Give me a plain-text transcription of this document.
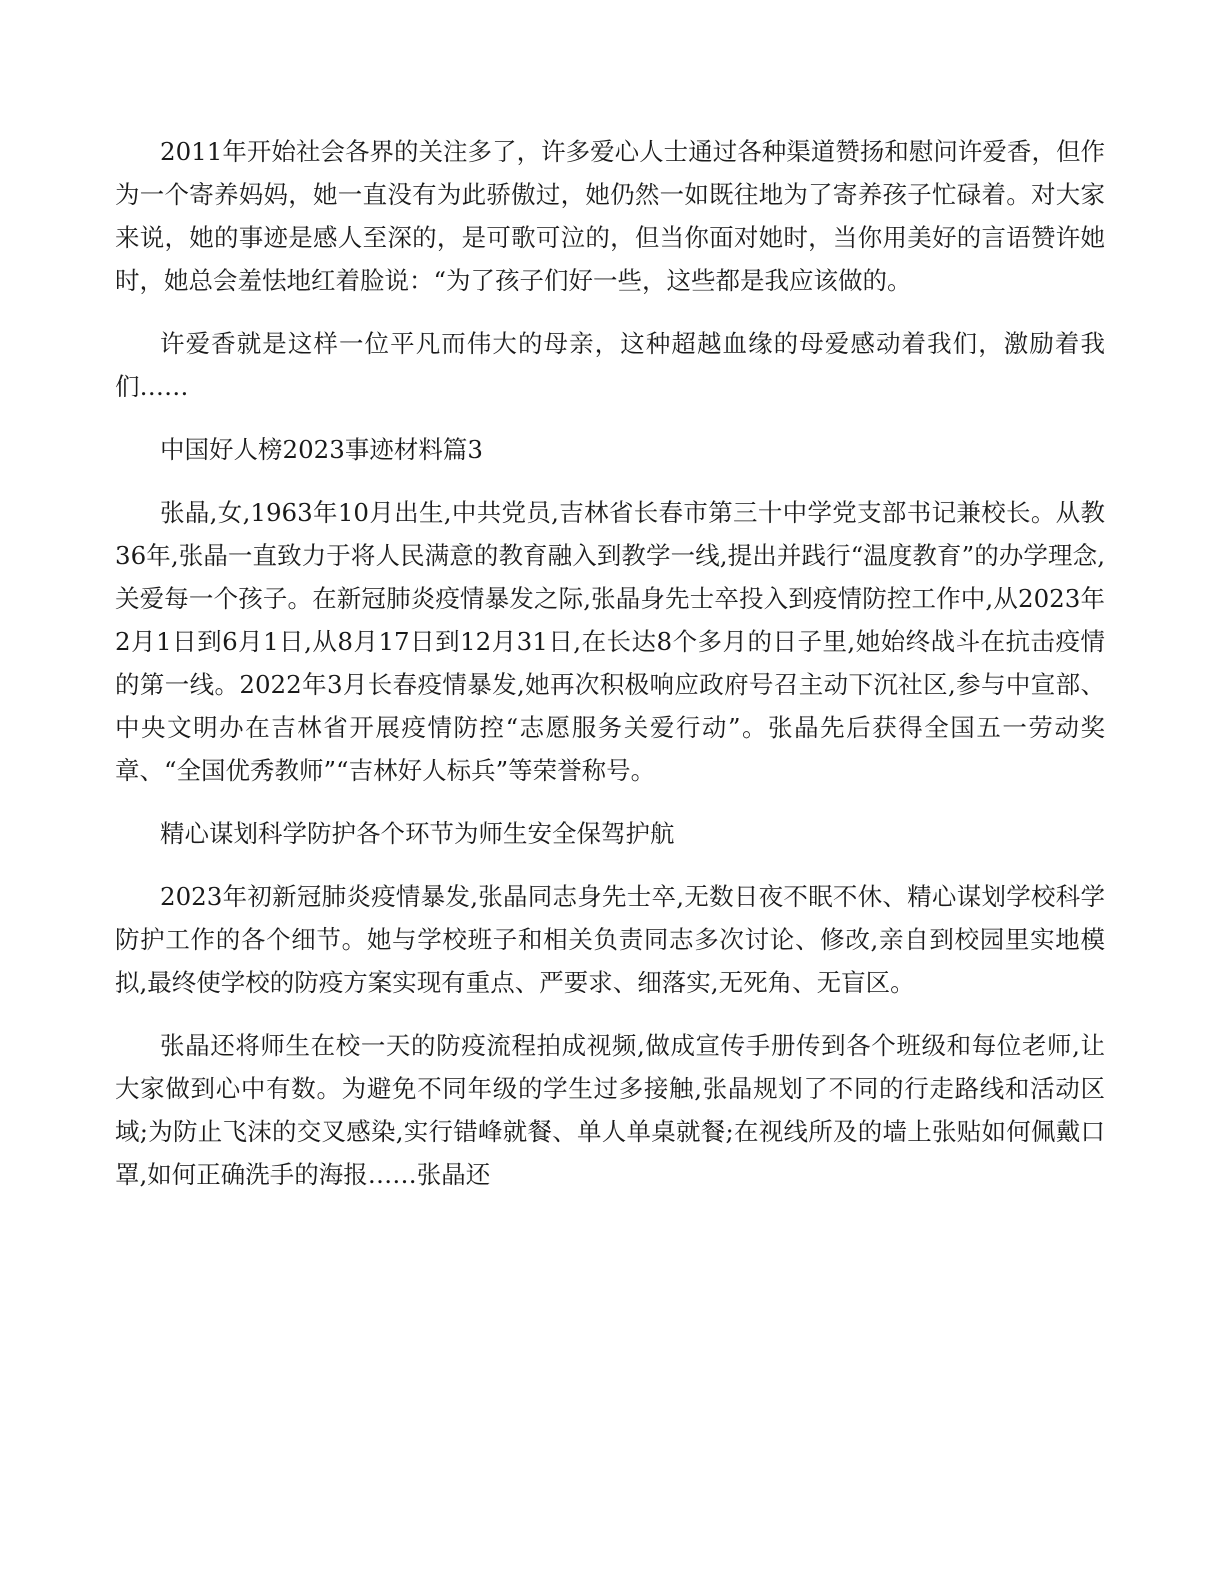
2011年开始社会各界的关注多了，许多爱心人士通过各种渠道赞扬和慰问许爱香，但作为一个寄养妈妈，她一直没有为此骄傲过，她仍然一如既往地为了寄养孩子忙碌着。对大家来说，她的事迹是感人至深的，是可歌可泣的，但当你面对她时，当你用美好的言语赞许她时，她总会羞怯地红着脸说：“为了孩子们好一些，这些都是我应该做的。

许爱香就是这样一位平凡而伟大的母亲，这种超越血缘的母爱感动着我们，激励着我们……

中国好人榜2023事迹材料篇3

张晶,女,1963年10月出生,中共党员,吉林省长春市第三十中学党支部书记兼校长。从教36年,张晶一直致力于将人民满意的教育融入到教学一线,提出并践行“温度教育”的办学理念,关爱每一个孩子。在新冠肺炎疫情暴发之际,张晶身先士卒投入到疫情防控工作中,从2023年2月1日到6月1日,从8月17日到12月31日,在长达8个多月的日子里,她始终战斗在抗击疫情的第一线。2022年3月长春疫情暴发,她再次积极响应政府号召主动下沉社区,参与中宣部、中央文明办在吉林省开展疫情防控“志愿服务关爱行动”。张晶先后获得全国五一劳动奖章、“全国优秀教师”“吉林好人标兵”等荣誉称号。

精心谋划科学防护各个环节为师生安全保驾护航

2023年初新冠肺炎疫情暴发,张晶同志身先士卒,无数日夜不眠不休、精心谋划学校科学防护工作的各个细节。她与学校班子和相关负责同志多次讨论、修改,亲自到校园里实地模拟,最终使学校的防疫方案实现有重点、严要求、细落实,无死角、无盲区。

张晶还将师生在校一天的防疫流程拍成视频,做成宣传手册传到各个班级和每位老师,让大家做到心中有数。为避免不同年级的学生过多接触,张晶规划了不同的行走路线和活动区域;为防止飞沫的交叉感染,实行错峰就餐、单人单桌就餐;在视线所及的墙上张贴如何佩戴口罩,如何正确洗手的海报……张晶还
